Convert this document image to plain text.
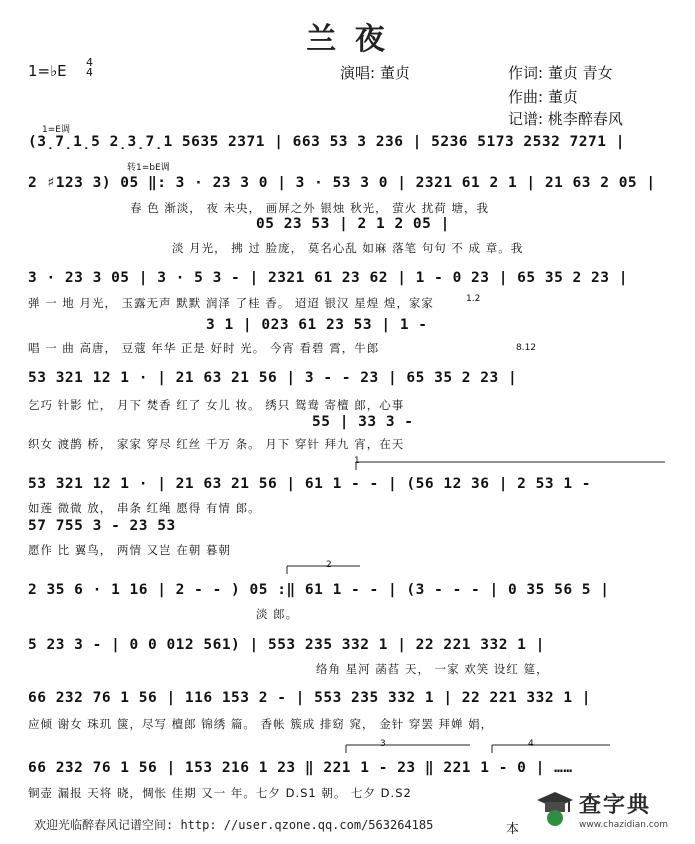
兰 夜
1=♭E 4
4	演唱: 董贞	作词: 董贞 青女
作曲: 董贞
记谱: 桃李醉春风
1=E调
转1=bE调
1.2
8.12
1
2
3	4
(3̣7̣1̣5 2̣3̣7̣1 5635 2371 | 663 53 3 236 | 5236 5173 2532 7271 |
2 ♯123 3) 05 ‖: 3 · 23 3 0 | 3 · 53 3 0 | 2321 61 2 1 | 21 63 2 05 |
春 色 渐淡， 夜 未央， 画屏之外 银烛 秋光， 萤火 扰荷 塘，我
05 23 53 | 2 1 2 05 |
淡 月光， 拂 过 脸庞， 莫名心乱 如麻 落笔 句句 不 成 章。我
3 · 23 3 05 | 3 · 5 3 - | 2321 61 23 62 | 1 - 0 23 | 65 35 2 23 |
弹 一 地 月光， 玉露无声 默默 润泽 了桂 香。 迢迢 银汉 星煌 煌，家家
3 1 | 023 61 23 53 | 1 -
唱 一 曲 高唐， 豆蔻 年华 正是 好时 光。 今宵 看碧 霄，牛郎
53 321 12 1 · | 21 63 21 56 | 3 - - 23 | 65 35 2 23 |
乞巧 针影 忙， 月下 焚香 红了 女儿 妆。 绣只 鸳鸯 寄檀 郎，心事
55 | 33 3 -
织女 渡鹊 桥， 家家 穿尽 红丝 千万 条。 月下 穿针 拜九 宵，在天
53 321 12 1 · | 21 63 21 56 | 61 1 - - | (56 12 36 | 2 53 1 -
如莲 微微 放， 串条 红绳 愿得 有情 郎。
57 755 3 - 23 53
愿作 比 翼鸟， 两情 又岂 在朝 暮朝
2 35 6 · 1 16 | 2 - - ) 05 :‖ 61 1 - - | (3 - - - | 0 35 56 5 |
淡 郎。
5 23 3 - | 0 0 012 561) | 553 235 332 1 | 22 221 332 1 |
络角 星河 菡萏 天， 一家 欢笑 设红 筵，
66 232 76 1 56 | 116 153 2 - | 553 235 332 1 | 22 221 332 1 |
应倾 谢女 珠玑 箧，尽写 檀郎 锦绣 篇。 香帐 簇成 排窈 窕， 金针 穿罢 拜婵 娟，
66 232 76 1 56 | 153 216 1 23 ‖ 221 1 - 23 ‖ 221 1 - 0 | ……
铜壶 漏报 天将 晓，惆怅 佳期 又一 年。七夕 D.S1 朝。 七夕 D.S2
欢迎光临醉春风记谱空间: http: //user.qzone.qq.com/563264185	本
查字典
www.chazidian.com
